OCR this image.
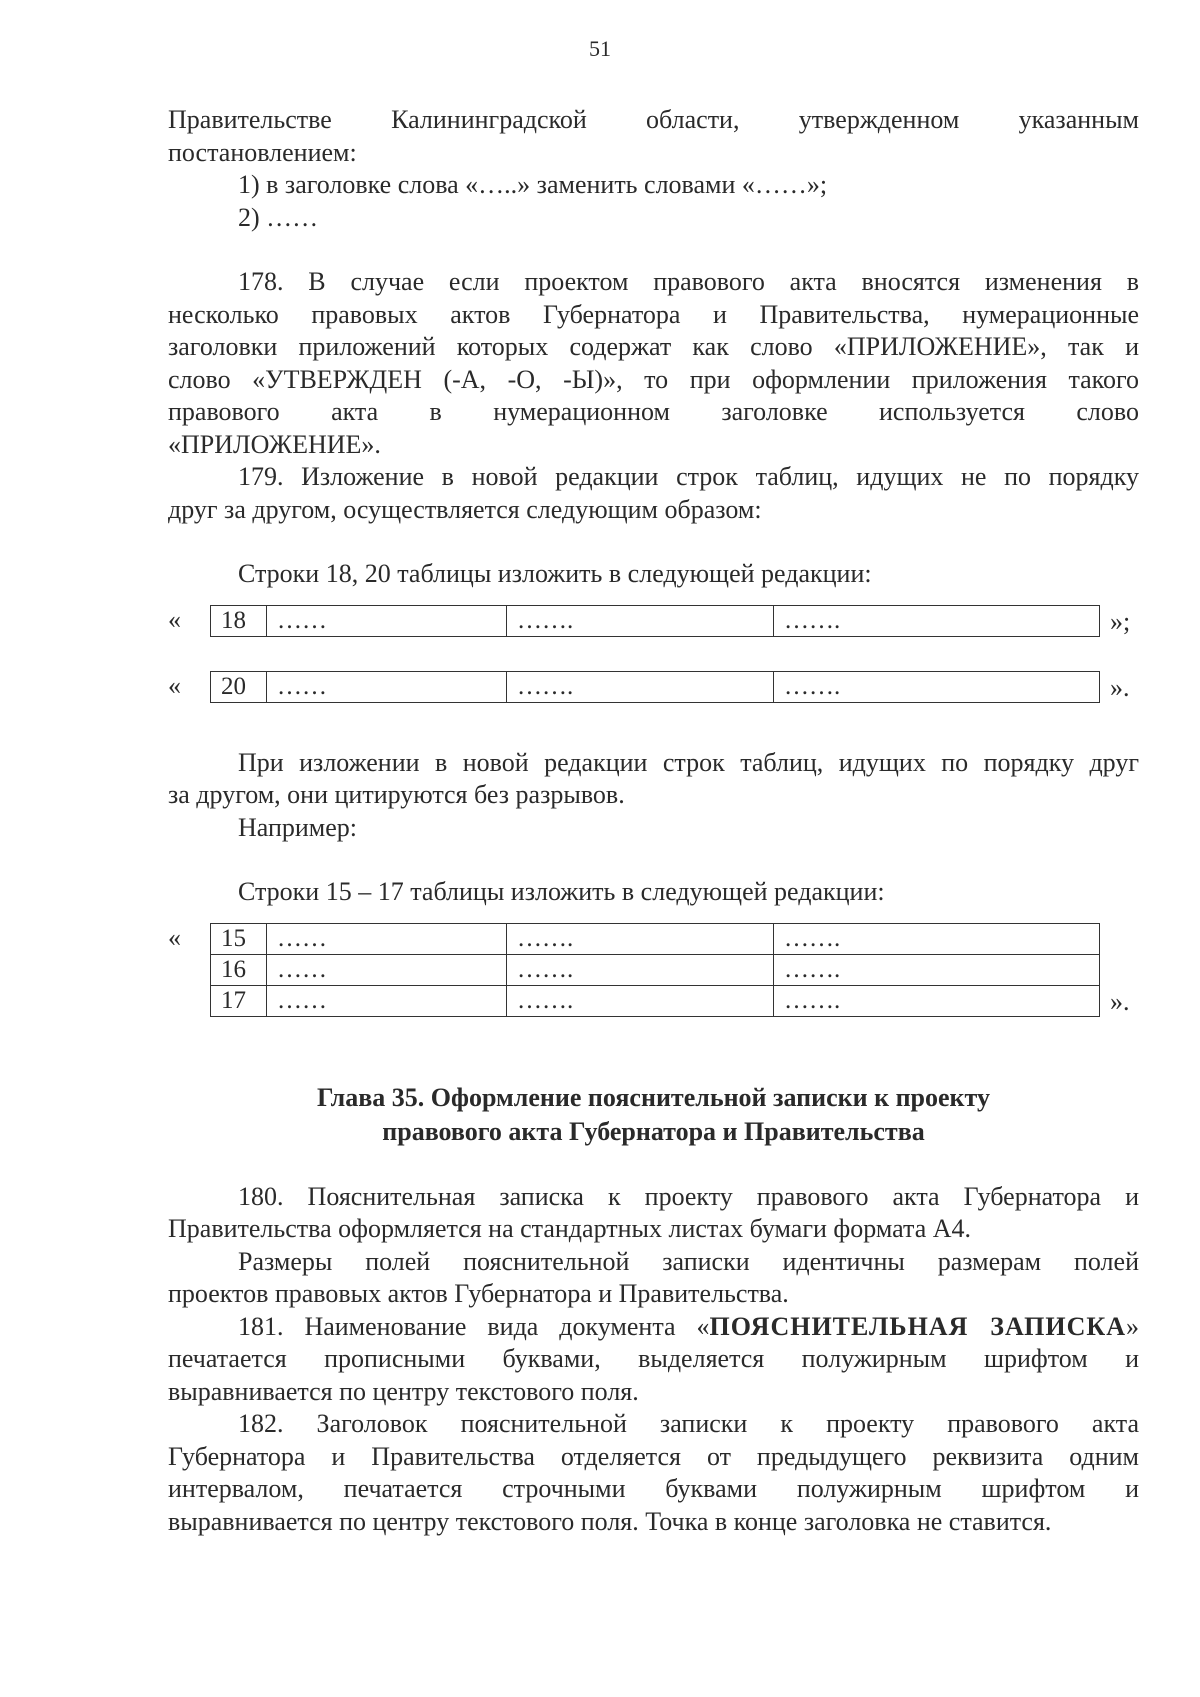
51

Правительстве Калининградской области, утвержденном указанным

постановлением:

1) в заголовке слова «…..» заменить словами «……»;

2) ……

178. В случае если проектом правового акта вносятся изменения в

несколько правовых актов Губернатора и Правительства, нумерационные

заголовки приложений которых содержат как слово «ПРИЛОЖЕНИЕ», так и

слово «УТВЕРЖДЕН (-А, -О, -Ы)», то при оформлении приложения такого

правового акта в нумерационном заголовке используется слово

«ПРИЛОЖЕНИЕ».

179. Изложение в новой редакции строк таблиц, идущих не по порядку

друг за другом, осуществляется следующим образом:

Строки 18, 20 таблицы изложить в следующей редакции:

«	18	……	…….	…….	»;
«	20	……	…….	…….	».

При изложении в новой редакции строк таблиц, идущих по порядку друг

за другом, они цитируются без разрывов.

Например:

Строки 15 – 17 таблицы изложить в следующей редакции:

«	15	……	…….	…….
16	……	…….	…….
17	……	…….	…….	».

Глава 35. Оформление пояснительной записки к проекту

правового акта Губернатора и Правительства

180. Пояснительная записка к проекту правового акта Губернатора и

Правительства оформляется на стандартных листах бумаги формата А4.

Размеры полей пояснительной записки идентичны размерам полей

проектов правовых актов Губернатора и Правительства.

181. Наименование вида документа «ПОЯСНИТЕЛЬНАЯ ЗАПИСКА»

печатается прописными буквами, выделяется полужирным шрифтом и

выравнивается по центру текстового поля.

182. Заголовок пояснительной записки к проекту правового акта

Губернатора и Правительства отделяется от предыдущего реквизита одним

интервалом, печатается строчными буквами полужирным шрифтом и

выравнивается по центру текстового поля. Точка в конце заголовка не ставится.
